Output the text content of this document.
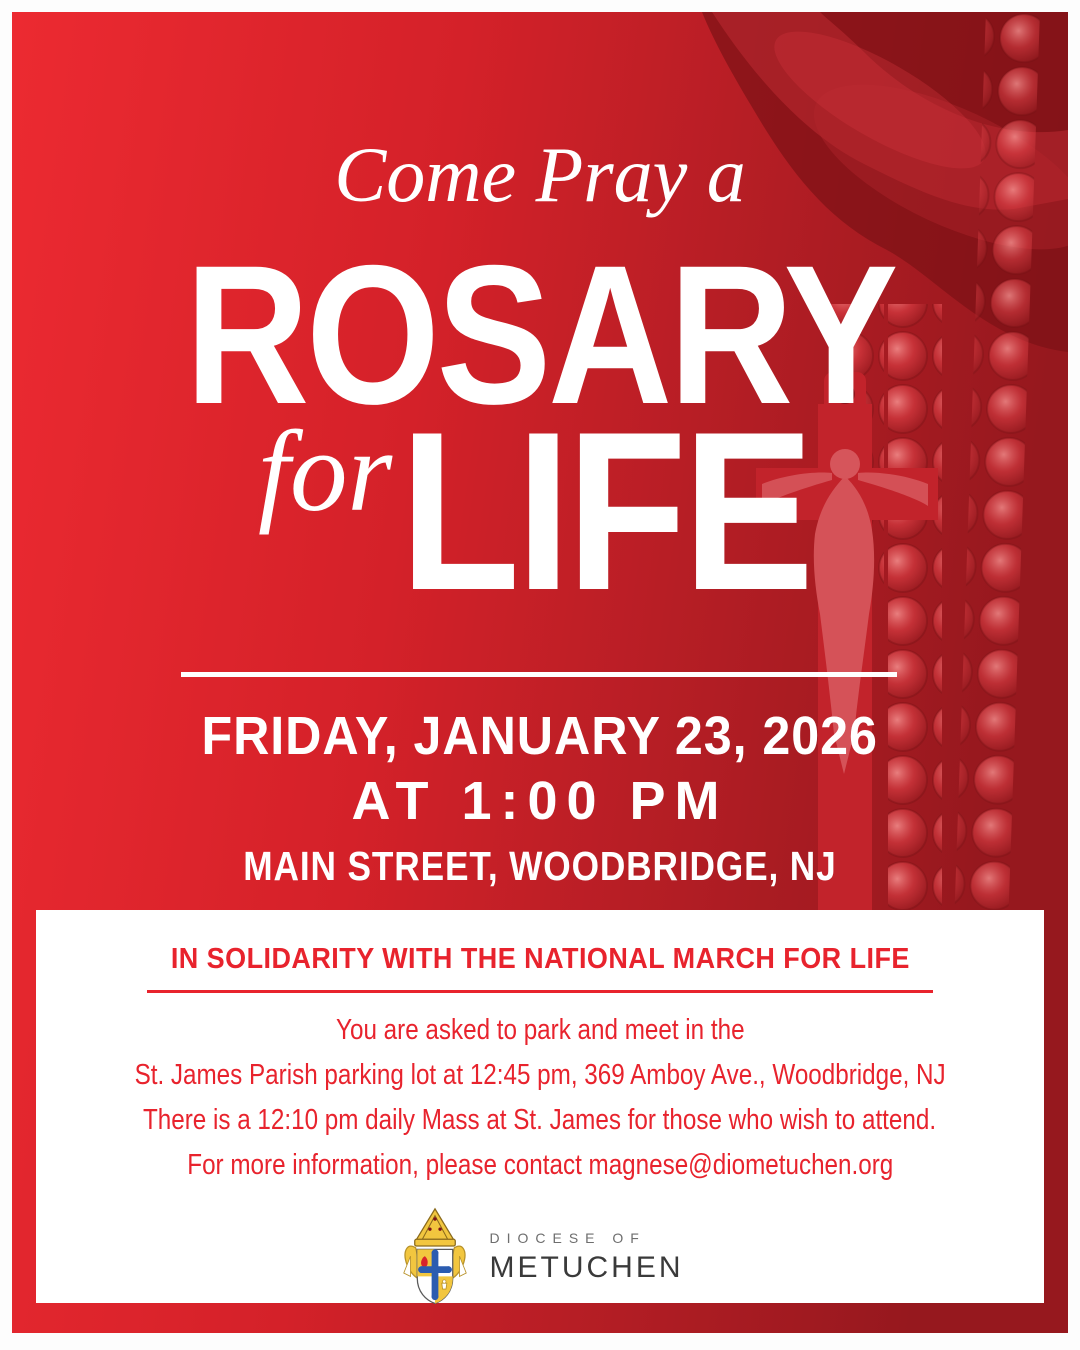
Come Pray a
ROSARY
for LIFE
FRIDAY, JANUARY 23, 2026
AT 1:00 PM
MAIN STREET, WOODBRIDGE, NJ
IN SOLIDARITY WITH THE NATIONAL MARCH FOR LIFE
You are asked to park and meet in the
St. James Parish parking lot at 12:45 pm, 369 Amboy Ave., Woodbridge, NJ
There is a 12:10 pm daily Mass at St. James for those who wish to attend.
For more information, please contact magnese@diometuchen.org
DIOCESE OF
METUCHEN
